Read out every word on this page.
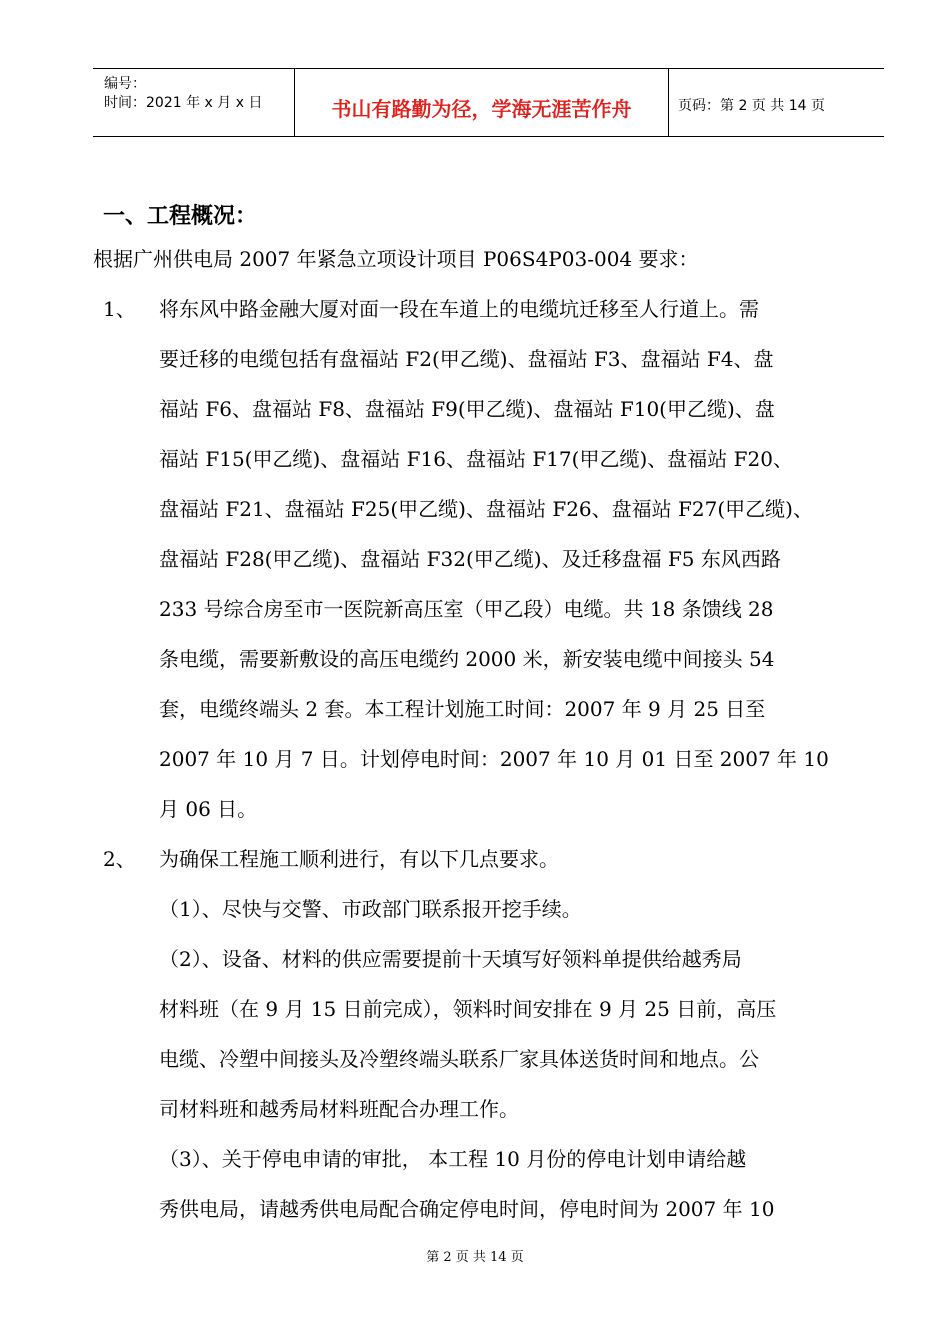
编号：
时间：2021 年 x 月 x 日	书山有路勤为径，学海无涯苦作舟	页码：第 2 页 共 14 页
一、工程概况：
根据广州供电局 2007 年紧急立项设计项目 P06S4P03-004 要求：
1、 将东风中路金融大厦对面一段在车道上的电缆坑迁移至人行道上。需
要迁移的电缆包括有盘福站 F2(甲乙缆)、盘福站 F3、盘福站 F4、盘
福站 F6、盘福站 F8、盘福站 F9(甲乙缆)、盘福站 F10(甲乙缆)、盘
福站 F15(甲乙缆)、盘福站 F16、盘福站 F17(甲乙缆)、盘福站 F20、
盘福站 F21、盘福站 F25(甲乙缆)、盘福站 F26、盘福站 F27(甲乙缆)、
盘福站 F28(甲乙缆)、盘福站 F32(甲乙缆)、及迁移盘福 F5 东风西路
233 号综合房至市一医院新高压室（甲乙段）电缆。共 18 条馈线 28
条电缆，需要新敷设的高压电缆约 2000 米，新安装电缆中间接头 54
套，电缆终端头 2 套。本工程计划施工时间：2007 年 9 月 25 日至
2007 年 10 月 7 日。计划停电时间：2007 年 10 月 01 日至 2007 年 10
月 06 日。
2、 为确保工程施工顺利进行，有以下几点要求。
（1）、尽快与交警、市政部门联系报开挖手续。
（2）、设备、材料的供应需要提前十天填写好领料单提供给越秀局
材料班（在 9 月 15 日前完成），领料时间安排在 9 月 25 日前，高压
电缆、冷塑中间接头及冷塑终端头联系厂家具体送货时间和地点。公
司材料班和越秀局材料班配合办理工作。
（3）、关于停电申请的审批， 本工程 10 月份的停电计划申请给越
秀供电局，请越秀供电局配合确定停电时间，停电时间为 2007 年 10
第 2 页 共 14 页
